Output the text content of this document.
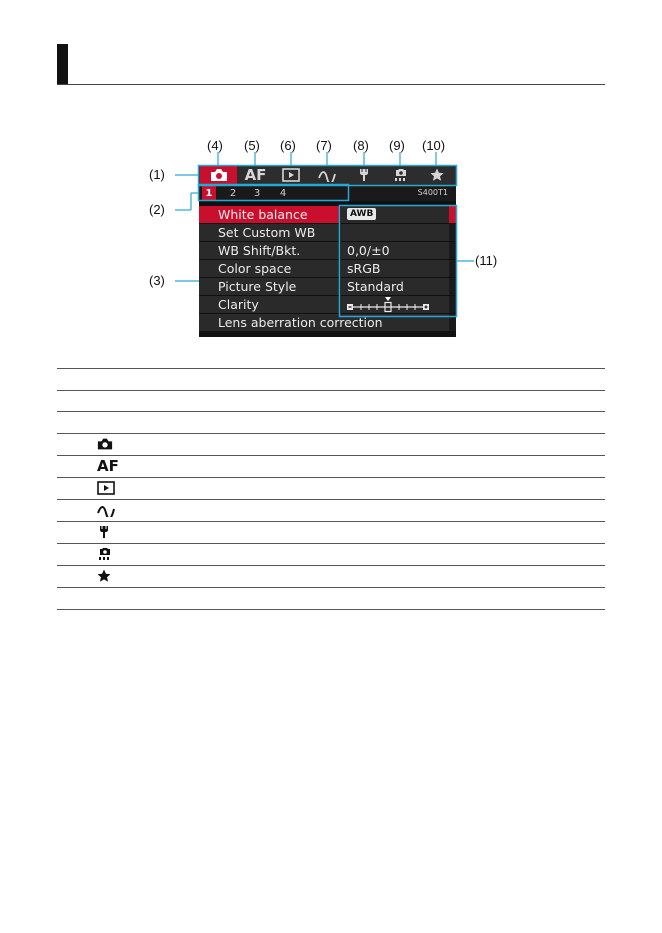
AF
1	2	3	4	S400T1
White balance	AWB
Set Custom WB
WB Shift/Bkt.	0,0/±0
Color space	sRGB
Picture Style	Standard
Clarity
Lens aberration correction
(1)
(2)
(3)
(4) (5) (6) (7) (8) (9) (10)
(11)
AF
